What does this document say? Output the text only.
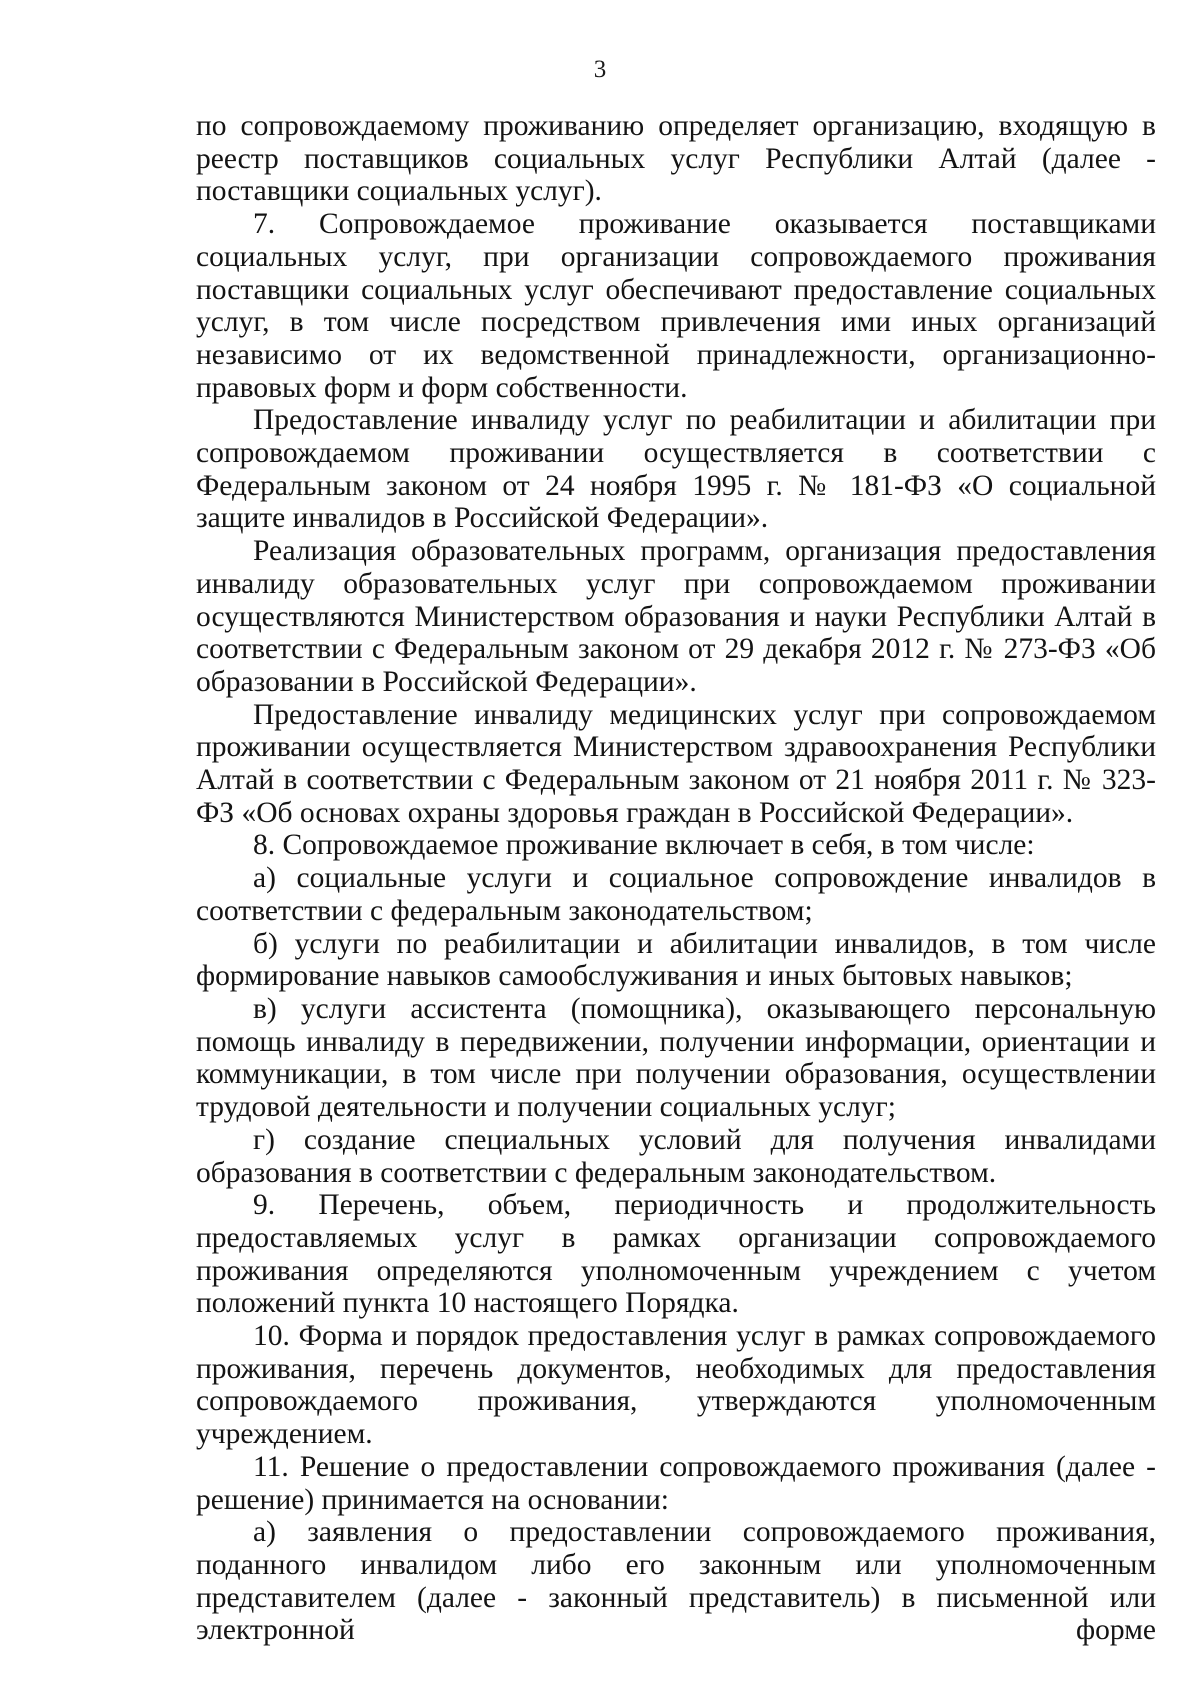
3

по сопровождаемому проживанию определяет организацию, входящую в реестр поставщиков социальных услуг Республики Алтай (далее - поставщики социальных услуг).

7. Сопровождаемое проживание оказывается поставщиками социальных услуг, при организации сопровождаемого проживания поставщики социальных услуг обеспечивают предоставление социальных услуг, в том числе посредством привлечения ими иных организаций независимо от их ведомственной принадлежности, организационно-правовых форм и форм собственности.

Предоставление инвалиду услуг по реабилитации и абилитации при сопровождаемом проживании осуществляется в соответствии с Федеральным законом от 24 ноября 1995 г. № 181-ФЗ «О социальной защите инвалидов в Российской Федерации».

Реализация образовательных программ, организация предоставления инвалиду образовательных услуг при сопровождаемом проживании осуществляются Министерством образования и науки Республики Алтай в соответствии с Федеральным законом от 29 декабря 2012 г. № 273-ФЗ «Об образовании в Российской Федерации».

Предоставление инвалиду медицинских услуг при сопровождаемом проживании осуществляется Министерством здравоохранения Республики Алтай в соответствии с Федеральным законом от 21 ноября 2011 г. № 323-ФЗ «Об основах охраны здоровья граждан в Российской Федерации».

8. Сопровождаемое проживание включает в себя, в том числе:

а) социальные услуги и социальное сопровождение инвалидов в соответствии с федеральным законодательством;

б) услуги по реабилитации и абилитации инвалидов, в том числе формирование навыков самообслуживания и иных бытовых навыков;

в) услуги ассистента (помощника), оказывающего персональную помощь инвалиду в передвижении, получении информации, ориентации и коммуникации, в том числе при получении образования, осуществлении трудовой деятельности и получении социальных услуг;

г) создание специальных условий для получения инвалидами образования в соответствии с федеральным законодательством.

9. Перечень, объем, периодичность и продолжительность предоставляемых услуг в рамках организации сопровождаемого проживания определяются уполномоченным учреждением с учетом положений пункта 10 настоящего Порядка.

10. Форма и порядок предоставления услуг в рамках сопровождаемого проживания, перечень документов, необходимых для предоставления сопровождаемого проживания, утверждаются уполномоченным учреждением.

11. Решение о предоставлении сопровождаемого проживания (далее - решение) принимается на основании:

а) заявления о предоставлении сопровождаемого проживания, поданного инвалидом либо его законным или уполномоченным представителем (далее - законный представитель) в письменной или электронной форме
